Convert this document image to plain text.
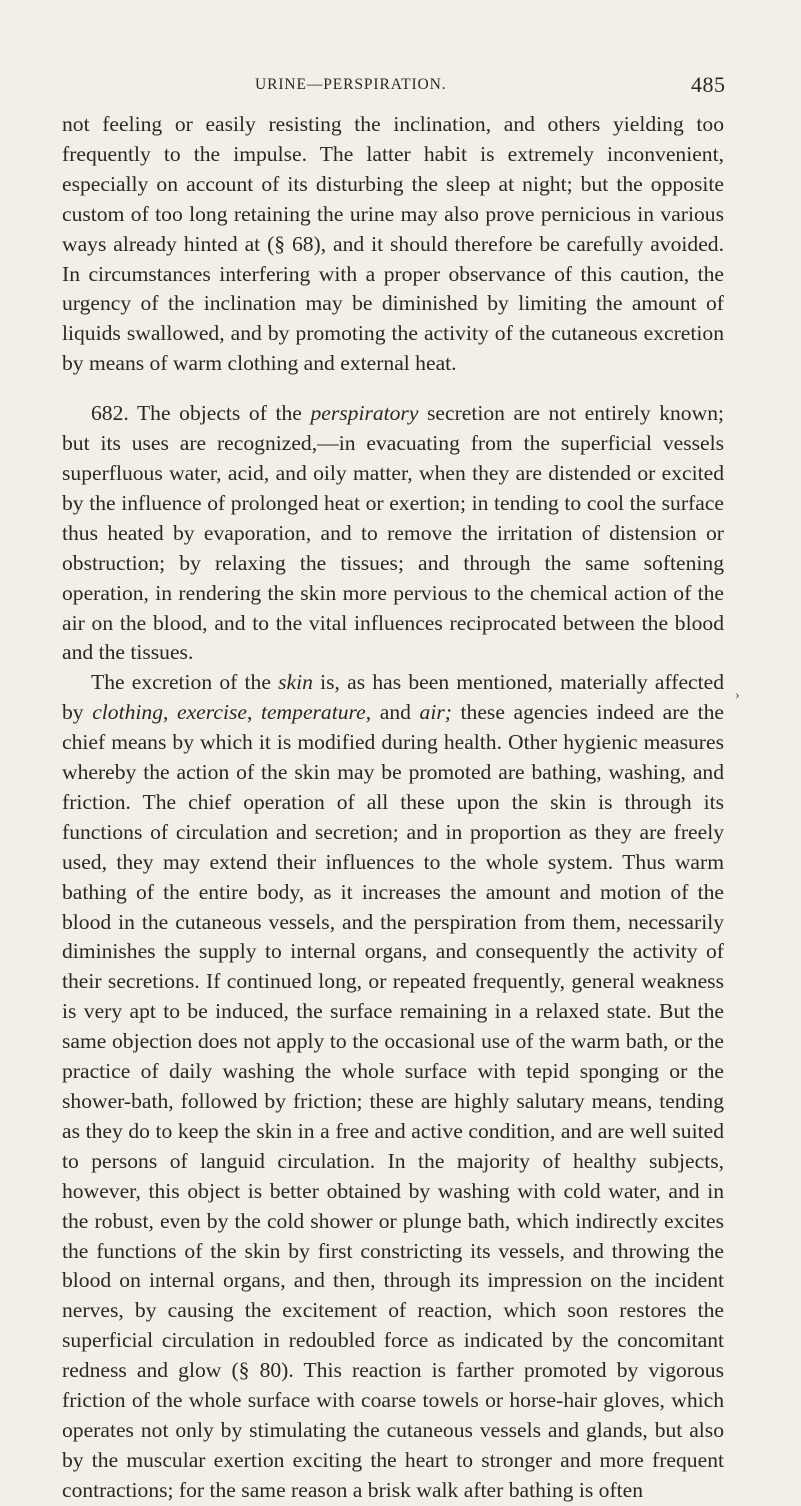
URINE—PERSPIRATION.	485

not feeling or easily resisting the inclination, and others yielding too frequently to the impulse. The latter habit is extremely inconvenient, especially on account of its disturbing the sleep at night; but the opposite custom of too long retaining the urine may also prove pernicious in various ways already hinted at (§ 68), and it should therefore be carefully avoided. In circumstances interfering with a proper observance of this caution, the urgency of the inclination may be diminished by limiting the amount of liquids swallowed, and by promoting the activity of the cutaneous excretion by means of warm clothing and external heat.

682. The objects of the perspiratory secretion are not entirely known; but its uses are recognized,—in evacuating from the superficial vessels superfluous water, acid, and oily matter, when they are distended or excited by the influence of prolonged heat or exertion; in tending to cool the surface thus heated by evaporation, and to remove the irritation of distension or obstruction; by relaxing the tissues; and through the same softening operation, in rendering the skin more pervious to the chemical action of the air on the blood, and to the vital influences reciprocated between the blood and the tissues.

The excretion of the skin is, as has been mentioned, materially affected by clothing, exercise, temperature, and air; these agencies indeed are the chief means by which it is modified during health. Other hygienic measures whereby the action of the skin may be promoted are bathing, washing, and friction. The chief operation of all these upon the skin is through its functions of circulation and secretion; and in proportion as they are freely used, they may extend their influences to the whole system. Thus warm bathing of the entire body, as it increases the amount and motion of the blood in the cutaneous vessels, and the perspiration from them, necessarily diminishes the supply to internal organs, and consequently the activity of their secretions. If continued long, or repeated frequently, general weakness is very apt to be induced, the surface remaining in a relaxed state. But the same objection does not apply to the occasional use of the warm bath, or the practice of daily washing the whole surface with tepid sponging or the shower-bath, followed by friction; these are highly salutary means, tending as they do to keep the skin in a free and active condition, and are well suited to persons of languid circulation. In the majority of healthy subjects, however, this object is better obtained by washing with cold water, and in the robust, even by the cold shower or plunge bath, which indirectly excites the functions of the skin by first constricting its vessels, and throwing the blood on internal organs, and then, through its impression on the incident nerves, by causing the excitement of reaction, which soon restores the superficial circulation in redoubled force as indicated by the concomitant redness and glow (§ 80). This reaction is farther promoted by vigorous friction of the whole surface with coarse towels or horse-hair gloves, which operates not only by stimulating the cutaneous vessels and glands, but also by the muscular exertion exciting the heart to stronger and more frequent contractions; for the same reason a brisk walk after bathing is often

›
